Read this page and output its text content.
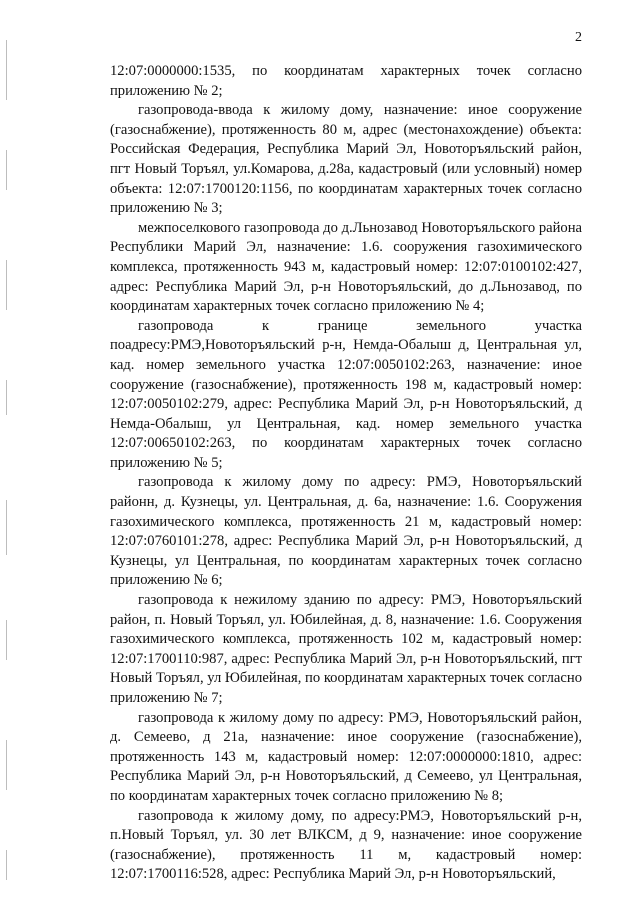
2

12:07:0000000:1535, по координатам характерных точек согласно приложению № 2;

газопровода-ввода к жилому дому, назначение: иное сооружение (газоснабжение), протяженность 80 м, адрес (местонахождение) объекта: Российская Федерация, Республика Марий Эл, Новоторъяльский район, пгт Новый Торъял, ул.Комарова, д.28а, кадастровый (или условный) номер объекта: 12:07:1700120:1156, по координатам характерных точек согласно приложению № 3;

межпоселкового газопровода до д.Льнозавод Новоторъяльского района Республики Марий Эл, назначение: 1.6. сооружения газохимического комплекса, протяженность 943 м, кадастровый номер: 12:07:0100102:427, адрес: Республика Марий Эл, р-н Новоторъяльский, до д.Льнозавод, по координатам характерных точек согласно приложению № 4;

газопровода к границе земельного участка поадресу:РМЭ,Новоторъяльский р-н, Немда-Обалыш д, Центральная ул, кад. номер земельного участка 12:07:0050102:263, назначение: иное сооружение (газоснабжение), протяженность 198 м, кадастровый номер: 12:07:0050102:279, адрес: Республика Марий Эл, р-н Новоторъяльский, д Немда-Обалыш, ул Центральная, кад. номер земельного участка 12:07:00650102:263, по координатам характерных точек согласно приложению № 5;

газопровода к жилому дому по адресу: РМЭ, Новоторъяльский районн, д. Кузнецы, ул. Центральная, д. 6а, назначение: 1.6. Сооружения газохимического комплекса, протяженность 21 м, кадастровый номер: 12:07:0760101:278, адрес: Республика Марий Эл, р-н Новоторъяльский, д Кузнецы, ул Центральная, по координатам характерных точек согласно приложению № 6;

газопровода к нежилому зданию по адресу: РМЭ, Новоторъяльский район, п. Новый Торъял, ул. Юбилейная, д. 8, назначение: 1.6. Сооружения газохимического комплекса, протяженность 102 м, кадастровый номер: 12:07:1700110:987, адрес: Республика Марий Эл, р-н Новоторъяльский, пгт Новый Торъял, ул Юбилейная, по координатам характерных точек согласно приложению № 7;

газопровода к жилому дому по адресу: РМЭ, Новоторъяльский район, д. Семеево, д 21а, назначение: иное сооружение (газоснабжение), протяженность 143 м, кадастровый номер: 12:07:0000000:1810, адрес: Республика Марий Эл, р-н Новоторъяльский, д Семеево, ул Центральная, по координатам характерных точек согласно приложению № 8;

газопровода к жилому дому, по адресу:РМЭ, Новоторъяльский р-н, п.Новый Торъял, ул. 30 лет ВЛКСМ, д 9, назначение: иное сооружение (газоснабжение), протяженность 11 м, кадастровый номер: 12:07:1700116:528, адрес: Республика Марий Эл, р-н Новоторъяльский,
